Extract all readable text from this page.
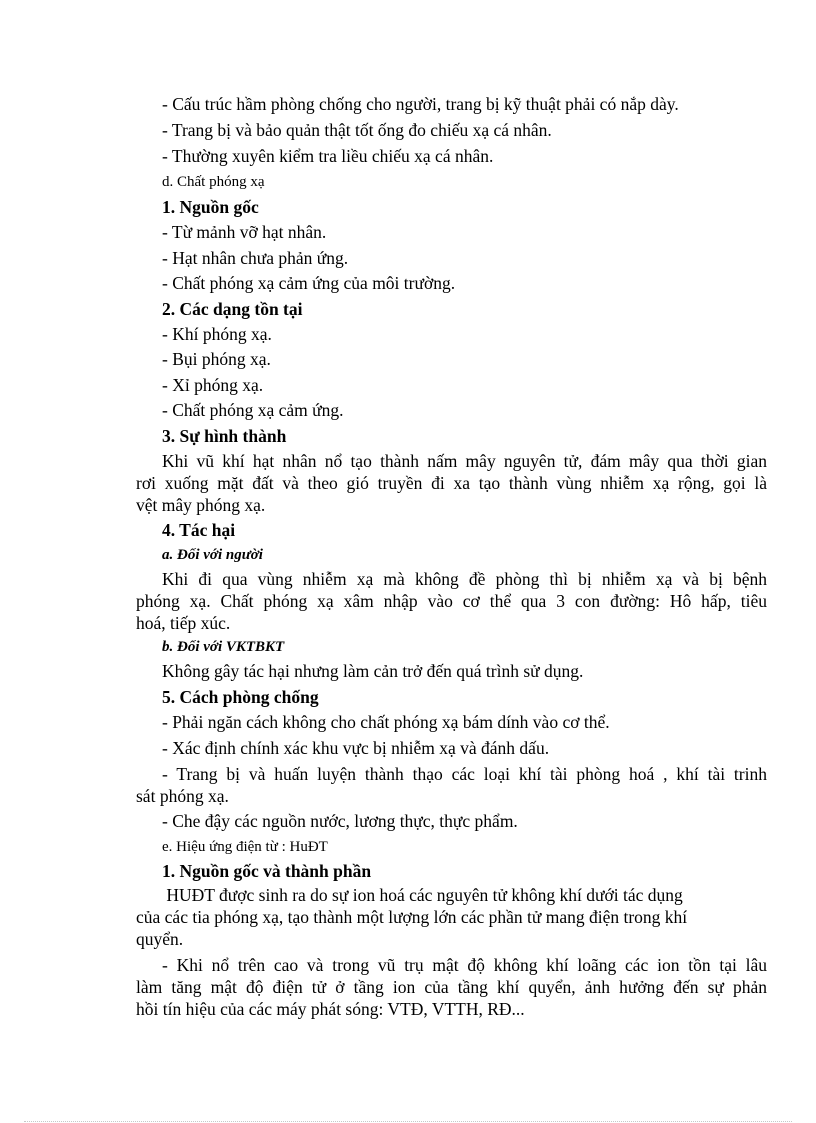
- Cấu trúc hầm phòng chống cho người, trang bị kỹ thuật phải có nắp dày.

- Trang bị và bảo quản thật tốt ống đo chiếu xạ cá nhân.

- Thường xuyên kiểm tra liều chiếu xạ cá nhân.

d. Chất phóng xạ

1. Nguồn gốc

- Từ mảnh vỡ hạt nhân.

- Hạt nhân chưa phản ứng.

- Chất phóng xạ cảm ứng của môi trường.

2. Các dạng tồn tại

- Khí phóng xạ.

- Bụi phóng xạ.

- Xỉ phóng xạ.

- Chất phóng xạ cảm ứng.

3. Sự hình thành

Khi vũ khí hạt nhân nổ tạo thành nấm mây nguyên tử, đám mây qua thời gian

rơi xuống mặt đất và theo gió truyền đi xa tạo thành vùng nhiễm xạ rộng, gọi là

vệt mây phóng xạ.

4. Tác hại

a. Đối với người

Khi đi qua vùng nhiễm xạ mà không đề phòng thì bị nhiễm xạ và bị bệnh

phóng xạ. Chất phóng xạ xâm nhập vào cơ thể qua 3 con đường: Hô hấp, tiêu

hoá, tiếp xúc.

b. Đối với VKTBKT

Không gây tác hại nhưng làm cản trở đến quá trình sử dụng.

5. Cách phòng chống

- Phải ngăn cách không cho chất phóng xạ bám dính vào cơ thể.

- Xác định chính xác khu vực bị nhiễm xạ và đánh dấu.

- Trang bị và huấn luyện thành thạo các loại khí tài phòng hoá , khí tài trinh

sát phóng xạ.

- Che đậy các nguồn nước, lương thực, thực phẩm.

e. Hiệu ứng điện từ : HuĐT

1. Nguồn gốc và thành phần

HUĐT được sinh ra do sự ion hoá các nguyên tử không khí dưới tác dụng

của các tia phóng xạ, tạo thành một lượng lớn các phần tử mang điện trong khí

quyển.

- Khi nổ trên cao và trong vũ trụ mật độ không khí loãng các ion tồn tại lâu

làm tăng mật độ điện tử ở tầng ion của tầng khí quyển, ảnh hưởng đến sự phản

hồi tín hiệu của các máy phát sóng: VTĐ, VTTH, RĐ...
